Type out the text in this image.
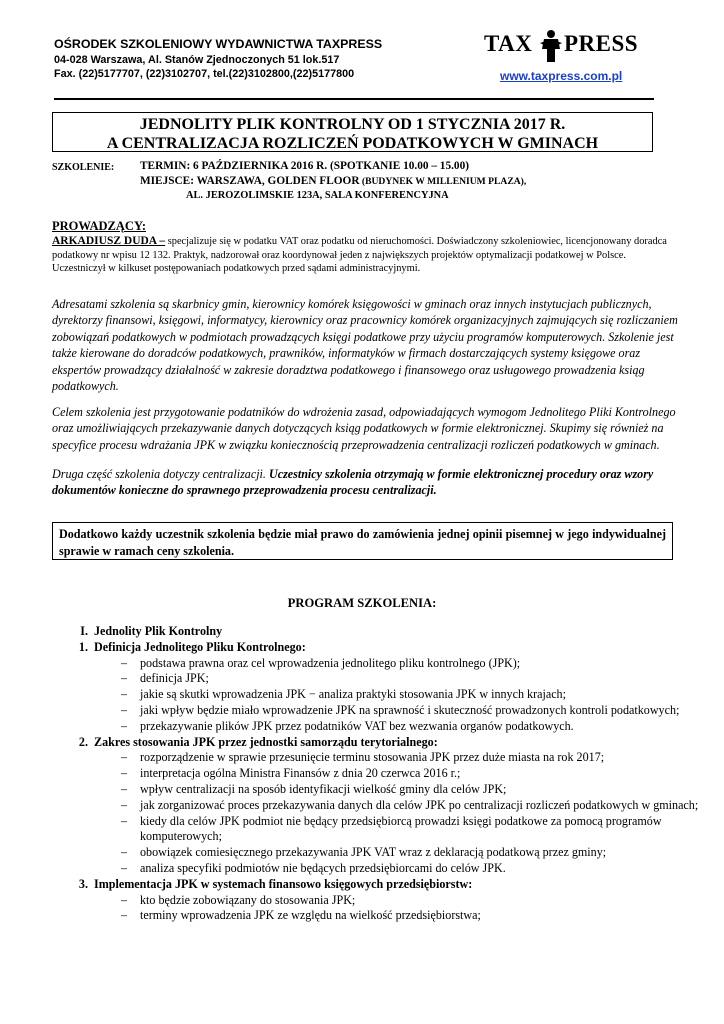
OŚRODEK SZKOLENIOWY WYDAWNICTWA TAXPRESS
04-028 Warszawa, Al. Stanów Zjednoczonych 51 lok.517
Fax. (22)5177707, (22)3102707, tel.(22)3102800,(22)5177800
TAX PRESS
www.taxpress.com.pl
JEDNOLITY PLIK KONTROLNY OD 1 STYCZNIA 2017 R.
A CENTRALIZACJA ROZLICZEŃ PODATKOWYCH W GMINACH
SZKOLENIE: TERMIN: 6 PAŹDZIERNIKA 2016 R. (SPOTKANIE 10.00 – 15.00)
MIEJSCE: WARSZAWA, GOLDEN FLOOR (BUDYNEK W MILLENIUM PLAZA),
AL. JEROZOLIMSKIE 123A, SALA KONFERENCYJNA
PROWADZĄCY:
ARKADIUSZ DUDA – specjalizuje się w podatku VAT oraz podatku od nieruchomości. Doświadczony szkoleniowiec, licencjonowany doradca podatkowy nr wpisu 12 132. Praktyk, nadzorował oraz koordynował jeden z największych projektów optymalizacji podatkowej w Polsce. Uczestniczył w kilkuset postępowaniach podatkowych przed sądami administracyjnymi.
Adresatami szkolenia są skarbnicy gmin, kierownicy komórek księgowości w gminach oraz innych instytucjach publicznych, dyrektorzy finansowi, księgowi, informatycy, kierownicy oraz pracownicy komórek organizacyjnych zajmujących się rozliczaniem zobowiązań podatkowych w podmiotach prowadzących księgi podatkowe przy użyciu programów komputerowych. Szkolenie jest także kierowane do doradców podatkowych, prawników, informatyków w firmach dostarczających systemy księgowe oraz ekspertów prowadzący działalność w zakresie doradztwa podatkowego i finansowego oraz usługowego prowadzenia ksiąg podatkowych.
Celem szkolenia jest przygotowanie podatników do wdrożenia zasad, odpowiadających wymogom Jednolitego Pliki Kontrolnego oraz umożliwiających przekazywanie danych dotyczących ksiąg podatkowych w formie elektronicznej. Skupimy się również na specyfice procesu wdrażania JPK w związku koniecznością przeprowadzenia centralizacji rozliczeń podatkowych w gminach.
Druga część szkolenia dotyczy centralizacji. Uczestnicy szkolenia otrzymają w formie elektronicznej procedury oraz wzory dokumentów konieczne do sprawnego przeprowadzenia procesu centralizacji.
Dodatkowo każdy uczestnik szkolenia będzie miał prawo do zamówienia jednej opinii pisemnej w jego indywidualnej sprawie w ramach ceny szkolenia.
PROGRAM SZKOLENIA:
I. Jednolity Plik Kontrolny
1. Definicja Jednolitego Pliku Kontrolnego:
–	podstawa prawna oraz cel wprowadzenia jednolitego pliku kontrolnego (JPK);
–	definicja JPK;
–	jakie są skutki wprowadzenia JPK − analiza praktyki stosowania JPK w innych krajach;
–	jaki wpływ będzie miało wprowadzenie JPK na sprawność i skuteczność prowadzonych kontroli podatkowych;
–	przekazywanie plików JPK przez podatników VAT bez wezwania organów podatkowych.
2. Zakres stosowania JPK przez jednostki samorządu terytorialnego:
–	rozporządzenie w sprawie przesunięcie terminu stosowania JPK przez duże miasta na rok 2017;
–	interpretacja ogólna Ministra Finansów z dnia 20 czerwca 2016 r.;
–	wpływ centralizacji na sposób identyfikacji wielkość gminy dla celów JPK;
–	jak zorganizować proces przekazywania danych dla celów JPK po centralizacji rozliczeń podatkowych w gminach;
–	kiedy dla celów JPK podmiot nie będący przedsiębiorcą prowadzi księgi podatkowe za pomocą programów komputerowych;
–	obowiązek comiesięcznego przekazywania JPK VAT wraz z deklaracją podatkową przez gminy;
–	analiza specyfiki podmiotów nie będących przedsiębiorcami do celów JPK.
3. Implementacja JPK w systemach finansowo księgowych przedsiębiorstw:
–	kto będzie zobowiązany do stosowania JPK;
–	terminy wprowadzenia JPK ze względu na wielkość przedsiębiorstwa;
